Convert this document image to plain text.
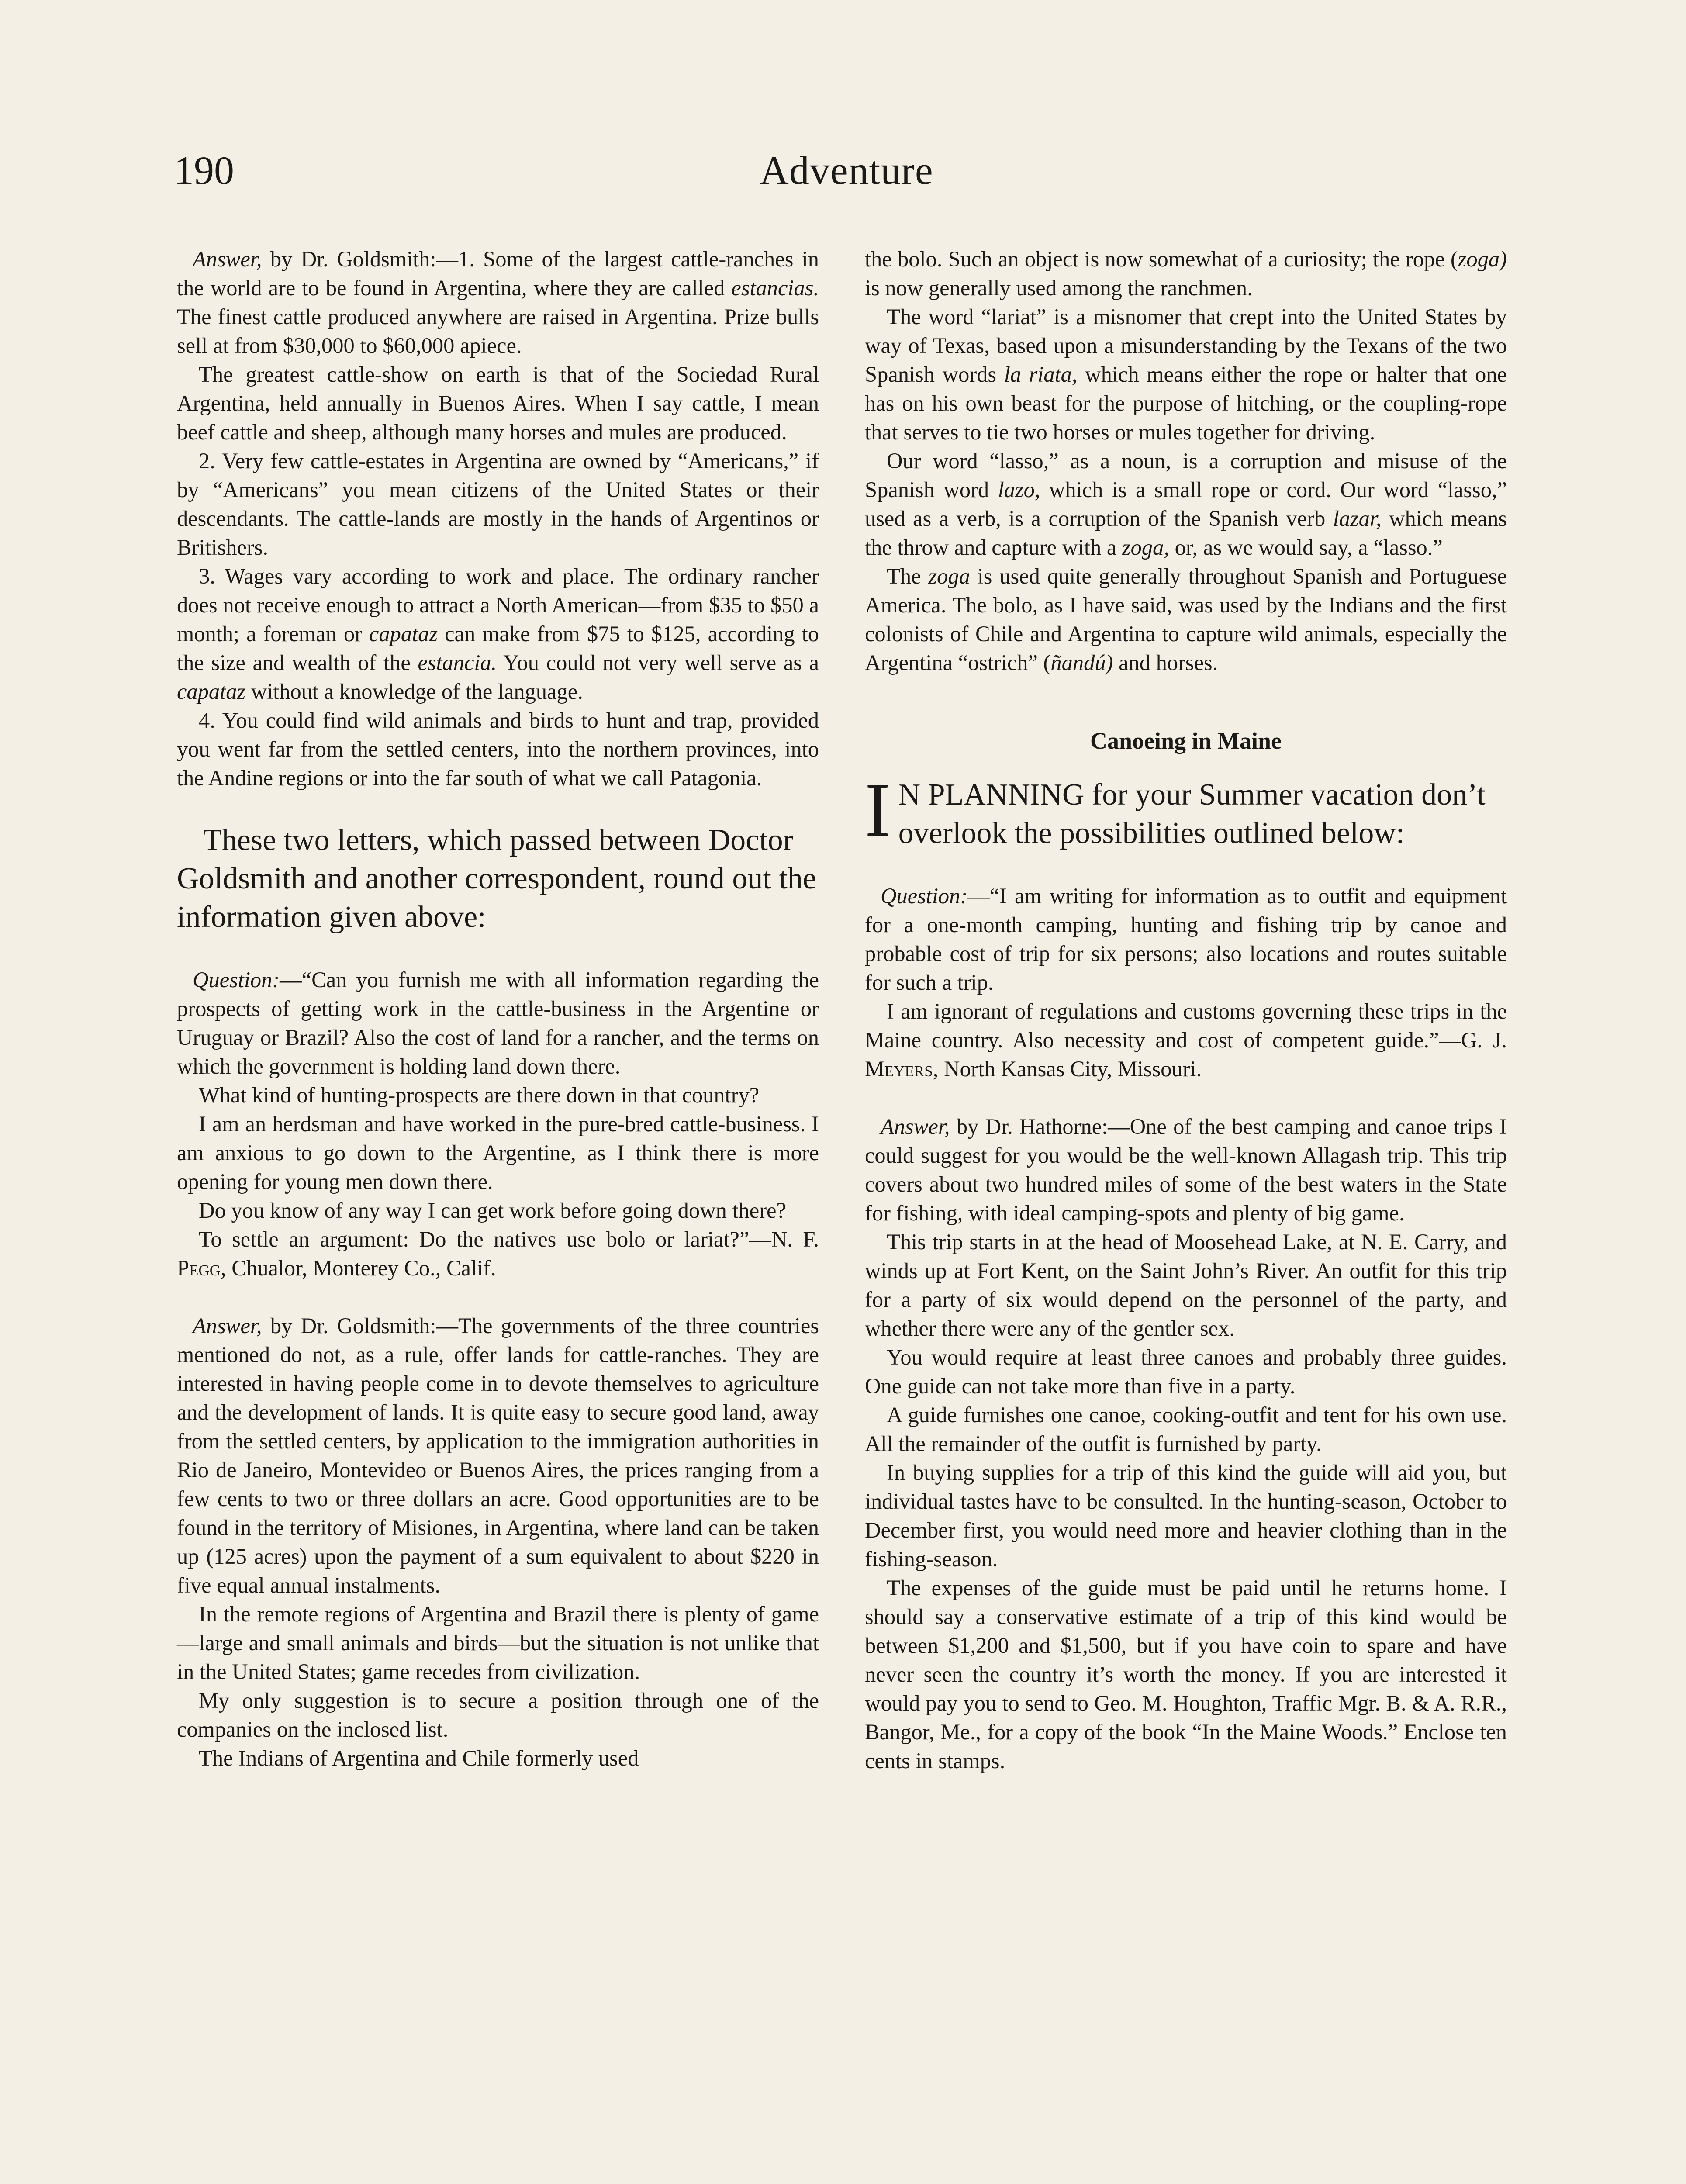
190	Adventure

Answer, by Dr. Goldsmith:—1. Some of the largest cattle-ranches in the world are to be found in Argentina, where they are called estancias. The finest cattle produced anywhere are raised in Argentina. Prize bulls sell at from $30,000 to $60,000 apiece.

The greatest cattle-show on earth is that of the Sociedad Rural Argentina, held annually in Buenos Aires. When I say cattle, I mean beef cattle and sheep, although many horses and mules are produced.

2. Very few cattle-estates in Argentina are owned by “Americans,” if by “Americans” you mean citizens of the United States or their descendants. The cattle-lands are mostly in the hands of Argentinos or Britishers.

3. Wages vary according to work and place. The ordinary rancher does not receive enough to attract a North American—from $35 to $50 a month; a foreman or capataz can make from $75 to $125, according to the size and wealth of the estancia. You could not very well serve as a capataz without a knowledge of the language.

4. You could find wild animals and birds to hunt and trap, provided you went far from the settled centers, into the northern provinces, into the Andine regions or into the far south of what we call Patagonia.

These two letters, which passed between Doctor Goldsmith and another correspondent, round out the information given above:

Question:—“Can you furnish me with all information regarding the prospects of getting work in the cattle-business in the Argentine or Uruguay or Brazil? Also the cost of land for a rancher, and the terms on which the government is holding land down there.

What kind of hunting-prospects are there down in that country?

I am an herdsman and have worked in the pure-bred cattle-business. I am anxious to go down to the Argentine, as I think there is more opening for young men down there.

Do you know of any way I can get work before going down there?

To settle an argument: Do the natives use bolo or lariat?”—N. F. Pegg, Chualor, Monterey Co., Calif.

Answer, by Dr. Goldsmith:—The governments of the three countries mentioned do not, as a rule, offer lands for cattle-ranches. They are interested in having people come in to devote themselves to agriculture and the development of lands. It is quite easy to secure good land, away from the settled centers, by application to the immigration authorities in Rio de Janeiro, Montevideo or Buenos Aires, the prices ranging from a few cents to two or three dollars an acre. Good opportunities are to be found in the territory of Misiones, in Argentina, where land can be taken up (125 acres) upon the payment of a sum equivalent to about $220 in five equal annual instalments.

In the remote regions of Argentina and Brazil there is plenty of game—large and small animals and birds—but the situation is not unlike that in the United States; game recedes from civilization.

My only suggestion is to secure a position through one of the companies on the inclosed list.

The Indians of Argentina and Chile formerly used

the bolo. Such an object is now somewhat of a curiosity; the rope (zoga) is now generally used among the ranchmen.

The word “lariat” is a misnomer that crept into the United States by way of Texas, based upon a misunderstanding by the Texans of the two Spanish words la riata, which means either the rope or halter that one has on his own beast for the purpose of hitching, or the coupling-rope that serves to tie two horses or mules together for driving.

Our word “lasso,” as a noun, is a corruption and misuse of the Spanish word lazo, which is a small rope or cord. Our word “lasso,” used as a verb, is a corruption of the Spanish verb lazar, which means the throw and capture with a zoga, or, as we would say, a “lasso.”

The zoga is used quite generally throughout Spanish and Portuguese America. The bolo, as I have said, was used by the Indians and the first colonists of Chile and Argentina to capture wild animals, especially the Argentina “ostrich” (ñandú) and horses.

Canoeing in Maine

I N PLANNING for your Summer vacation don’t overlook the possibilities outlined below:

Question:—“I am writing for information as to outfit and equipment for a one-month camping, hunting and fishing trip by canoe and probable cost of trip for six persons; also locations and routes suitable for such a trip.

I am ignorant of regulations and customs governing these trips in the Maine country. Also necessity and cost of competent guide.”—G. J. Meyers, North Kansas City, Missouri.

Answer, by Dr. Hathorne:—One of the best camping and canoe trips I could suggest for you would be the well-known Allagash trip. This trip covers about two hundred miles of some of the best waters in the State for fishing, with ideal camping-spots and plenty of big game.

This trip starts in at the head of Moosehead Lake, at N. E. Carry, and winds up at Fort Kent, on the Saint John’s River. An outfit for this trip for a party of six would depend on the personnel of the party, and whether there were any of the gentler sex.

You would require at least three canoes and probably three guides. One guide can not take more than five in a party.

A guide furnishes one canoe, cooking-outfit and tent for his own use. All the remainder of the outfit is furnished by party.

In buying supplies for a trip of this kind the guide will aid you, but individual tastes have to be consulted. In the hunting-season, October to December first, you would need more and heavier clothing than in the fishing-season.

The expenses of the guide must be paid until he returns home. I should say a conservative estimate of a trip of this kind would be between $1,200 and $1,500, but if you have coin to spare and have never seen the country it’s worth the money. If you are interested it would pay you to send to Geo. M. Houghton, Traffic Mgr. B. & A. R.R., Bangor, Me., for a copy of the book “In the Maine Woods.” Enclose ten cents in stamps.
